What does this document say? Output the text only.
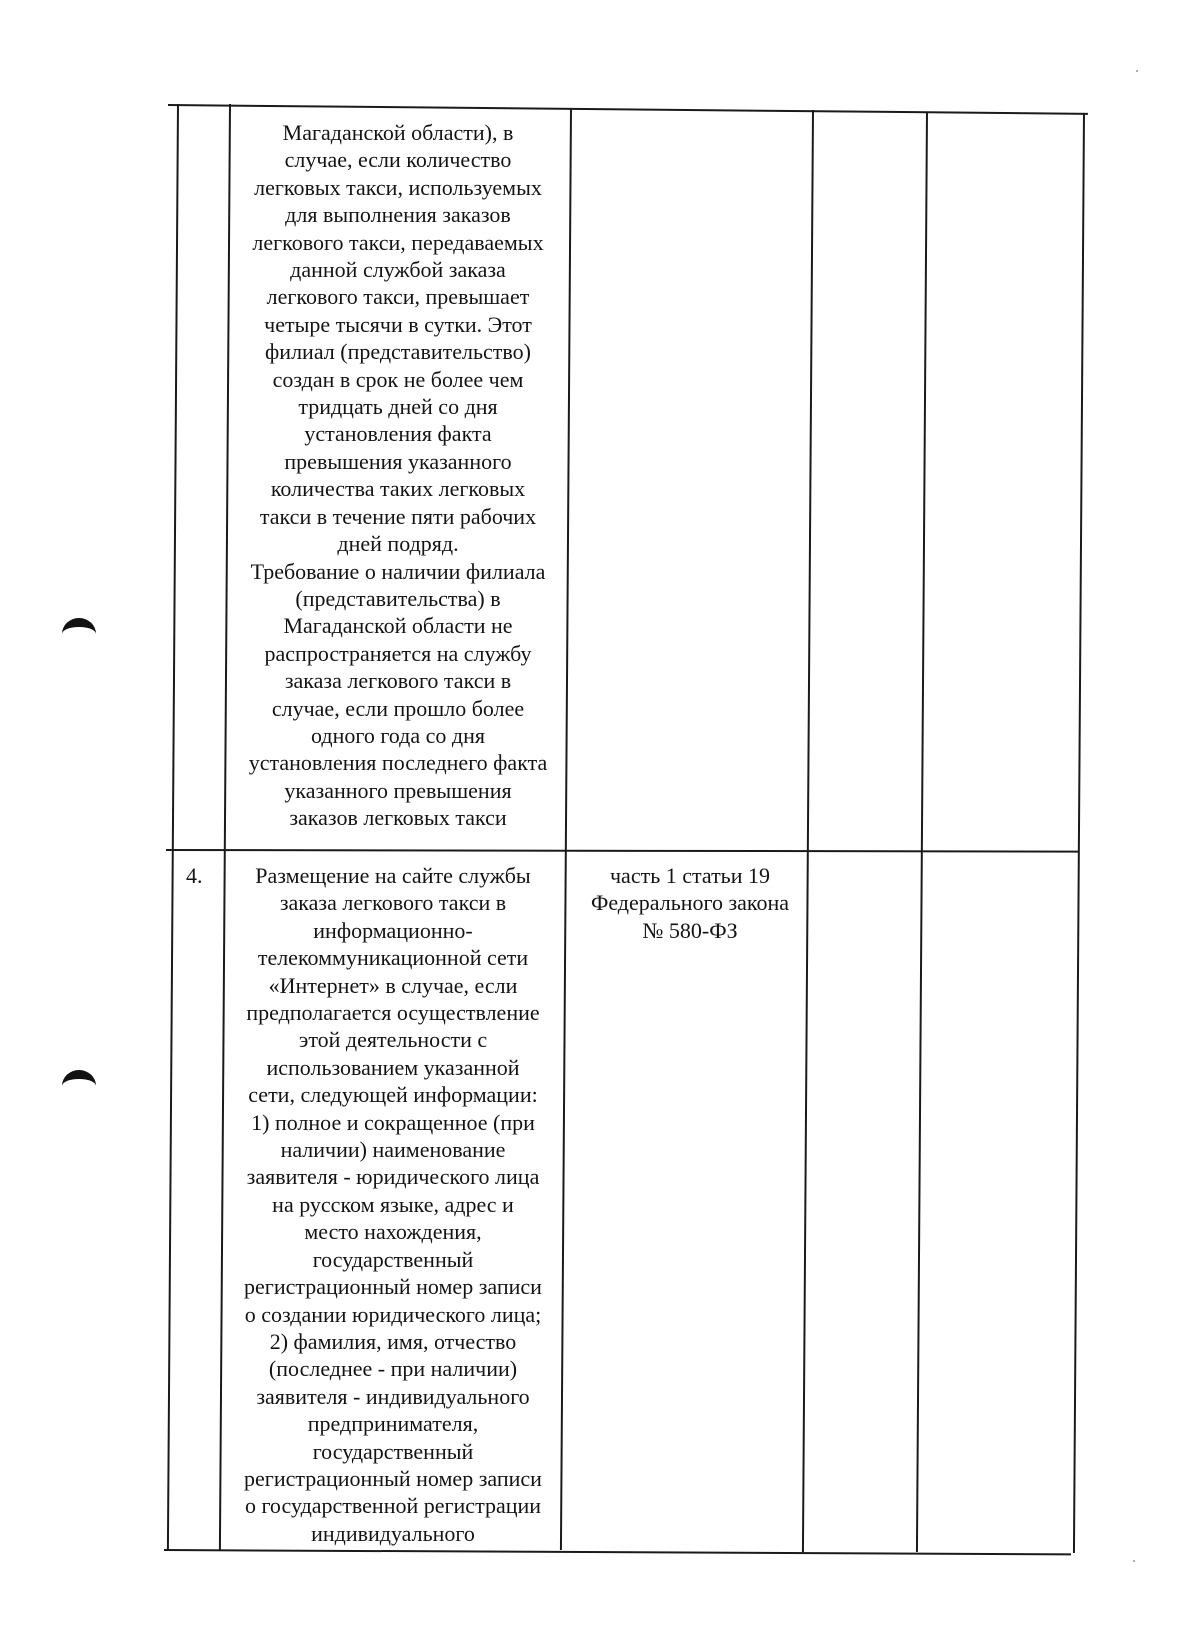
Магаданской области), в
случае, если количество
легковых такси, используемых
для выполнения заказов
легкового такси, передаваемых
данной службой заказа
легкового такси, превышает
четыре тысячи в сутки. Этот
филиал (представительство)
создан в срок не более чем
тридцать дней со дня
установления факта
превышения указанного
количества таких легковых
такси в течение пяти рабочих
дней подряд.
Требование о наличии филиала
(представительства) в
Магаданской области не
распространяется на службу
заказа легкового такси в
случае, если прошло более
одного года со дня
установления последнего факта
указанного превышения
заказов легковых такси
4.	Размещение на сайте службы
заказа легкового такси в
информационно-
телекоммуникационной сети
«Интернет» в случае, если
предполагается осуществление
этой деятельности с
использованием указанной
сети, следующей информации:
1) полное и сокращенное (при
наличии) наименование
заявителя - юридического лица
на русском языке, адрес и
место нахождения,
государственный
регистрационный номер записи
о создании юридического лица;
2) фамилия, имя, отчество
(последнее - при наличии)
заявителя - индивидуального
предпринимателя,
государственный
регистрационный номер записи
о государственной регистрации
индивидуального
часть 1 статьи 19
Федерального закона
№ 580-ФЗ
